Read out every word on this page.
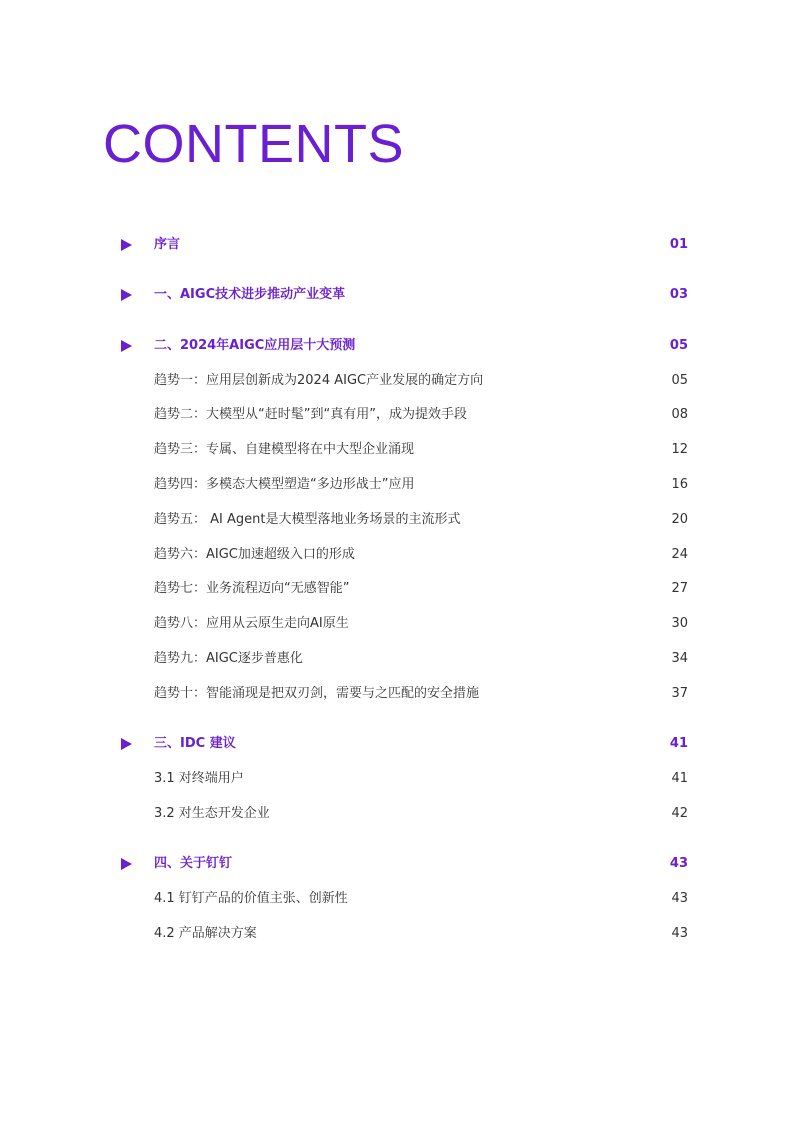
CONTENTS
序言	01
一、AIGC技术进步推动产业变革	03
二、2024年AIGC应用层十大预测	05
趋势一：应用层创新成为2024 AIGC产业发展的确定方向	05
趋势二：大模型从“赶时髦”到“真有用”，成为提效手段	08
趋势三：专属、自建模型将在中大型企业涌现	12
趋势四：多模态大模型塑造“多边形战士”应用	16
趋势五： AI Agent是大模型落地业务场景的主流形式	20
趋势六：AIGC加速超级入口的形成	24
趋势七：业务流程迈向“无感智能”	27
趋势八：应用从云原生走向AI原生	30
趋势九：AIGC逐步普惠化	34
趋势十：智能涌现是把双刃剑，需要与之匹配的安全措施	37
三、IDC 建议	41
3.1 对终端用户	41
3.2 对生态开发企业	42
四、关于钉钉	43
4.1 钉钉产品的价值主张、创新性	43
4.2 产品解决方案	43
